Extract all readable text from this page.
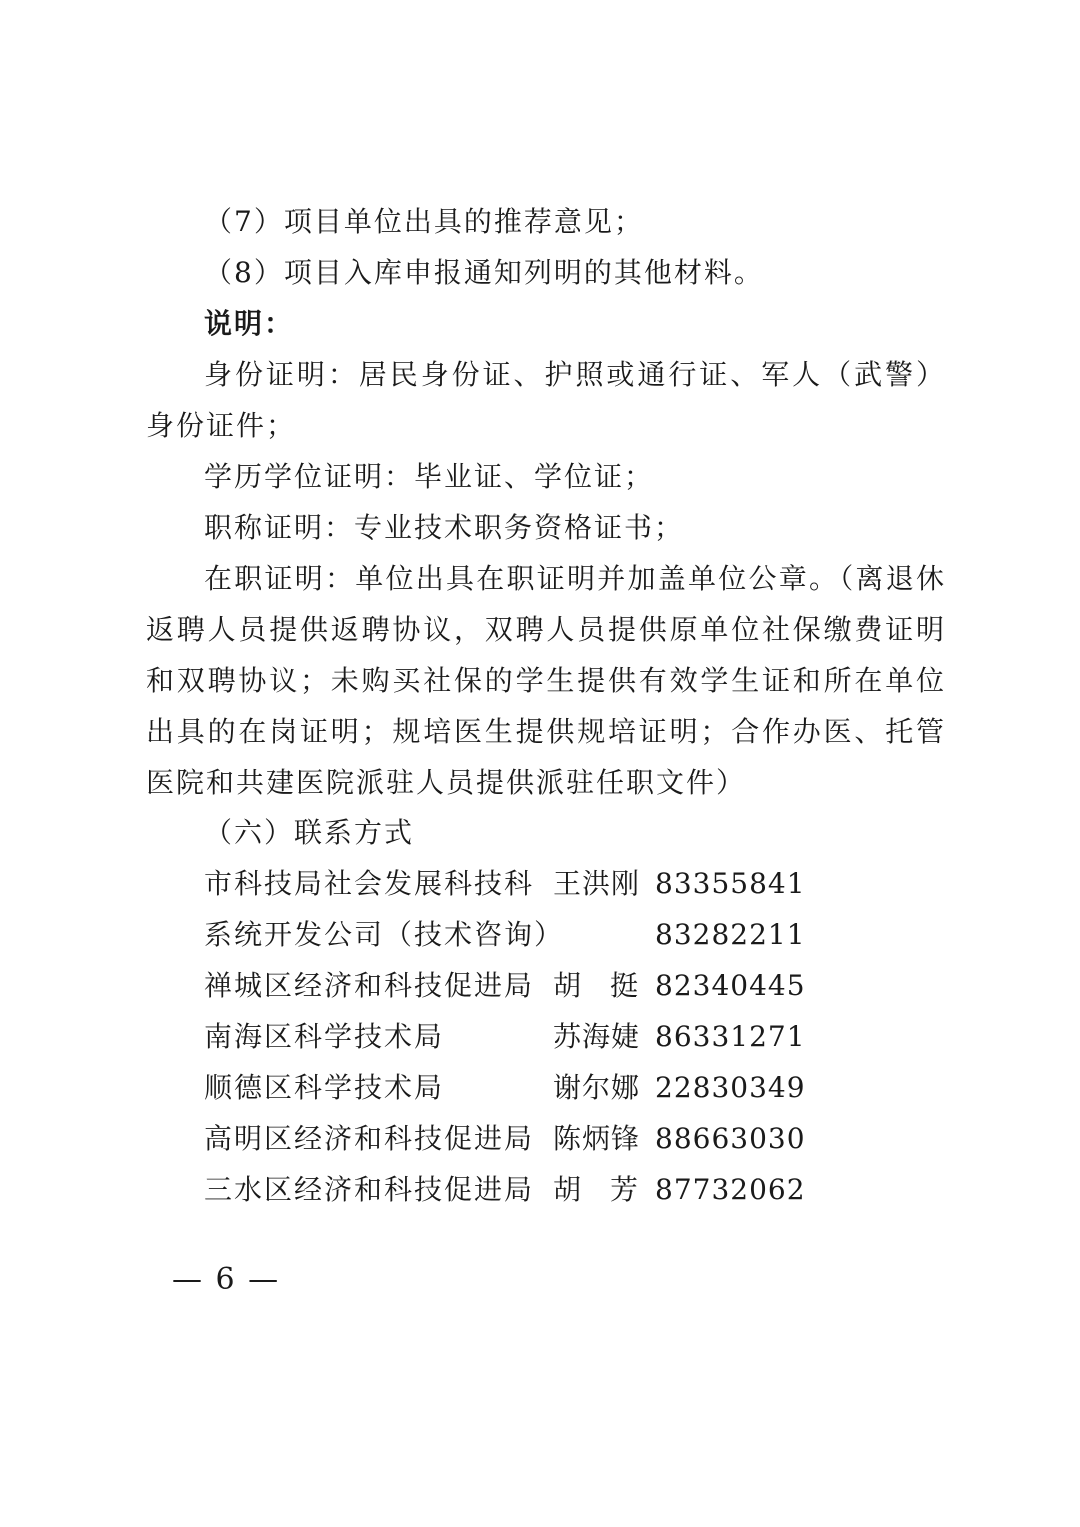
（7）项目单位出具的推荐意见；

（8）项目入库申报通知列明的其他材料。

说明：

身份证明：居民身份证、护照或通行证、军人（武警）身份证件；

学历学位证明：毕业证、学位证；

职称证明：专业技术职务资格证书；

在职证明：单位出具在职证明并加盖单位公章。（离退休返聘人员提供返聘协议，双聘人员提供原单位社保缴费证明和双聘协议；未购买社保的学生提供有效学生证和所在单位出具的在岗证明；规培医生提供规培证明；合作办医、托管医院和共建医院派驻人员提供派驻任职文件）

（六）联系方式

市科技局社会发展科技科 王洪刚 83355841
系统开发公司（技术咨询）	83282211
禅城区经济和科技促进局 胡挺 82340445
南海区科学技术局	苏海婕 86331271
顺德区科学技术局	谢尔娜 22830349
高明区经济和科技促进局 陈炳锋 88663030
三水区经济和科技促进局 胡芳 87732062
— 6 —
